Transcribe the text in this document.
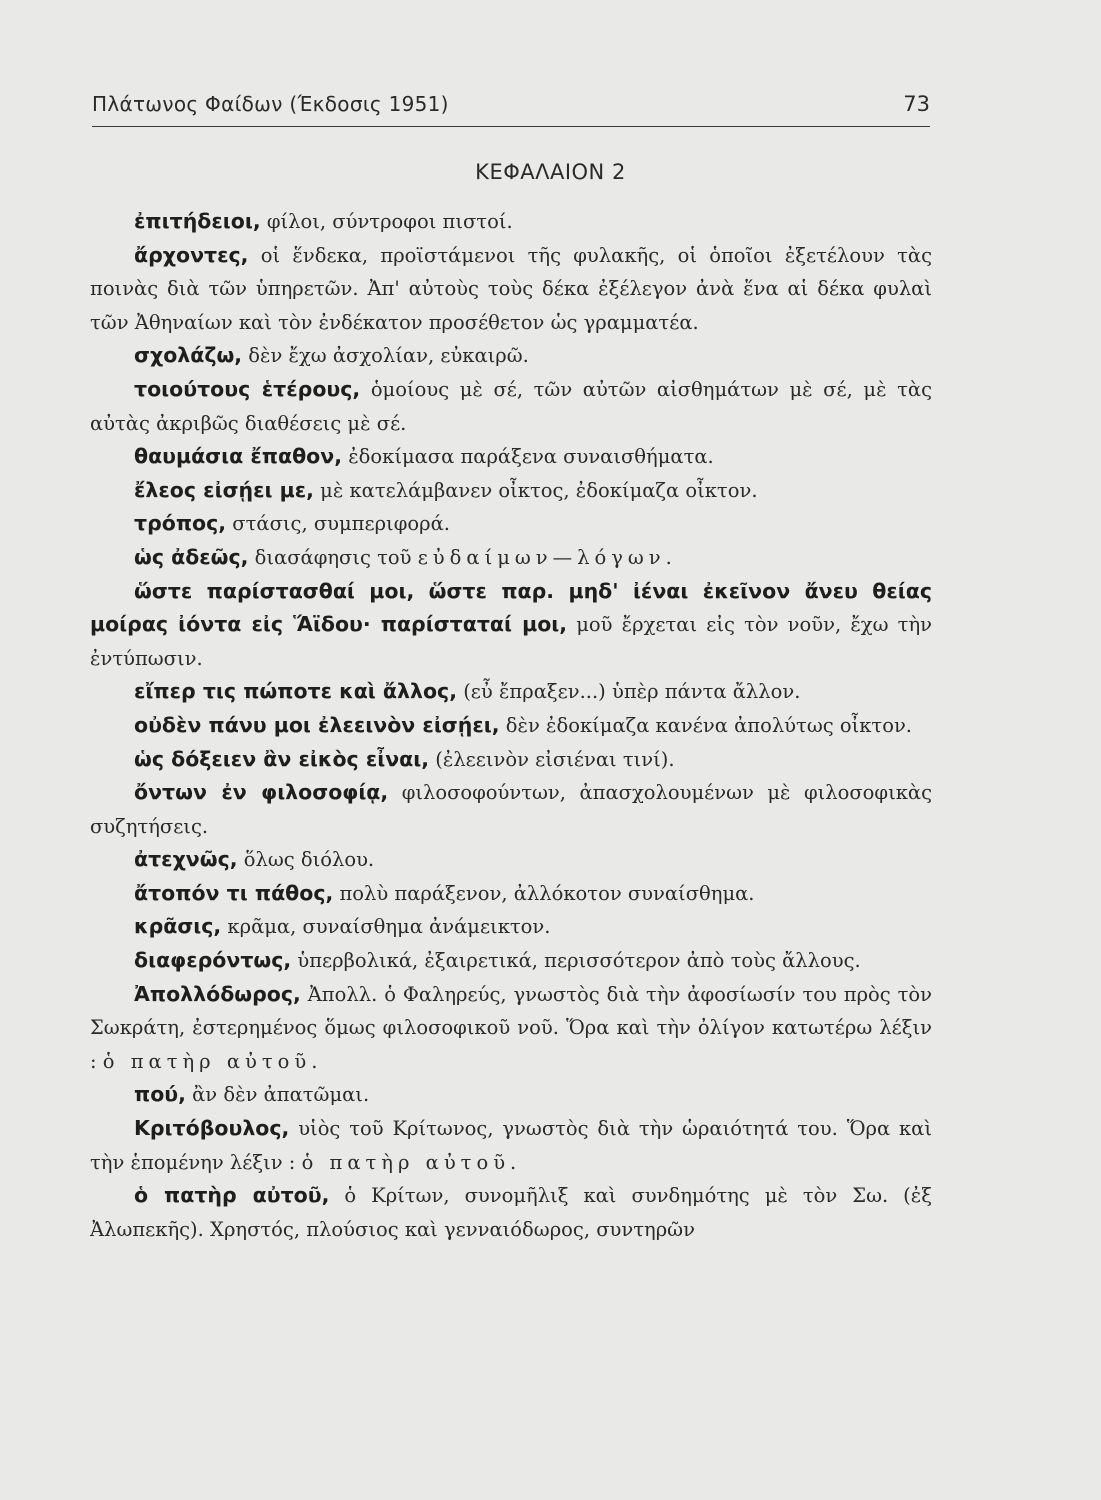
Πλάτωνος Φαίδων (Έκδοσις 1951)	73
ΚΕΦΑΛΑΙΟΝ 2

ἐπιτήδειοι, φίλοι, σύντροφοι πιστοί.

ἄρχοντες, οἱ ἕνδεκα, προϊστάμενοι τῆς φυλακῆς, οἱ ὁποῖοι ἐξετέλουν τὰς ποινὰς διὰ τῶν ὑπηρετῶν. Ἀπ' αὐτοὺς τοὺς δέκα ἐξέλεγον ἀνὰ ἕνα αἱ δέκα φυλαὶ τῶν Ἀθηναίων καὶ τὸν ἐνδέκατον προσέθετον ὡς γραμματέα.

σχολάζω, δὲν ἔχω ἀσχολίαν, εὐκαιρῶ.

τοιούτους ἑτέρους, ὁμοίους μὲ σέ, τῶν αὐτῶν αἰσθημάτων μὲ σέ, μὲ τὰς αὐτὰς ἀκριβῶς διαθέσεις μὲ σέ.

θαυμάσια ἔπαθον, ἐδοκίμασα παράξενα συναισθήματα.

ἔλεος εἰσῄει με, μὲ κατελάμβανεν οἶκτος, ἐδοκίμαζα οἶκτον.

τρόπος, στάσις, συμπεριφορά.

ὡς ἀδεῶς, διασάφησις τοῦ εὐδαίμων—λόγων.

ὥστε παρίστασθαί μοι, ὥστε παρ. μηδ' ἰέναι ἐκεῖνον ἄνευ θείας μοίρας ἰόντα εἰς Ἅϊδου· παρίσταταί μοι, μοῦ ἔρχεται εἰς τὸν νοῦν, ἔχω τὴν ἐντύπωσιν.

εἴπερ τις πώποτε καὶ ἄλλος, (εὖ ἔπραξεν...) ὑπὲρ πάντα ἄλλον.

οὐδὲν πάνυ μοι ἐλεεινὸν εἰσῄει, δὲν ἐδοκίμαζα κανένα ἀπολύτως οἶκτον.

ὡς δόξειεν ἂν εἰκὸς εἶναι, (ἐλεεινὸν εἰσιέναι τινί).

ὄντων ἐν φιλοσοφίᾳ, φιλοσοφούντων, ἀπασχολουμένων μὲ φιλοσοφικὰς συζητήσεις.

ἀτεχνῶς, ὅλως διόλου.

ἄτοπόν τι πάθος, πολὺ παράξενον, ἀλλόκοτον συναίσθημα.

κρᾶσις, κρᾶμα, συναίσθημα ἀνάμεικτον.

διαφερόντως, ὑπερβολικά, ἐξαιρετικά, περισσότερον ἀπὸ τοὺς ἄλλους.

Ἀπολλόδωρος, Ἀπολλ. ὁ Φαληρεύς, γνωστὸς διὰ τὴν ἀφοσίωσίν του πρὸς τὸν Σωκράτη, ἐστερημένος ὅμως φιλοσοφικοῦ νοῦ. Ὅρα καὶ τὴν ὀλίγον κατωτέρω λέξιν : ὁ πατὴρ αὐτοῦ.

πού, ἂν δὲν ἀπατῶμαι.

Κριτόβουλος, υἱὸς τοῦ Κρίτωνος, γνωστὸς διὰ τὴν ὡραιότητά του. Ὅρα καὶ τὴν ἑπομένην λέξιν : ὁ πατὴρ αὐτοῦ.

ὁ πατὴρ αὐτοῦ, ὁ Κρίτων, συνομῆλιξ καὶ συνδημότης μὲ τὸν Σω. (ἐξ Ἀλωπεκῆς). Χρηστός, πλούσιος καὶ γενναιόδωρος, συντηρῶν
